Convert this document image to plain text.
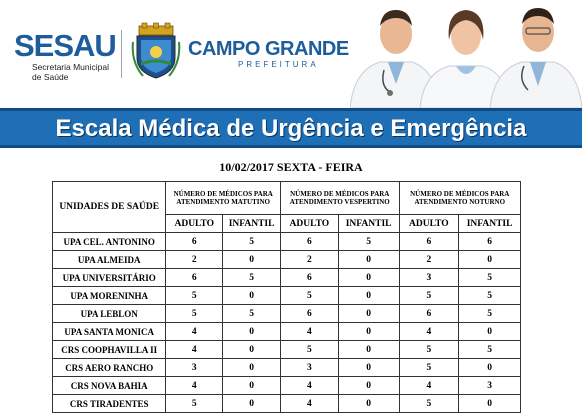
SESAU
Secretaria Municipal
de Saúde
CAMPO GRANDE
PREFEITURA
Escala Médica de Urgência e Emergência
10/02/2017 SEXTA - FEIRA
UNIDADES DE SAÚDE	NÚMERO DE MÉDICOS PARA ATENDIMENTO MATUTINO		NÚMERO DE MÉDICOS PARA ATENDIMENTO VESPERTINO		NÚMERO DE MÉDICOS PARA ATENDIMENTO NOTURNO	
	ADULTO	INFANTIL	ADULTO	INFANTIL	ADULTO	INFANTIL
UPA CEL. ANTONINO	6	5	6	5	6	6
UPA ALMEIDA	2	0	2	0	2	0
UPA UNIVERSITÁRIO	6	5	6	0	3	5
UPA MORENINHA	5	0	5	0	5	5
UPA LEBLON	5	5	6	0	6	5
UPA SANTA MONICA	4	0	4	0	4	0
CRS COOPHAVILLA II	4	0	5	0	5	5
CRS AERO RANCHO	3	0	3	0	5	0
CRS NOVA BAHIA	4	0	4	0	4	3
CRS TIRADENTES	5	0	4	0	5	0
